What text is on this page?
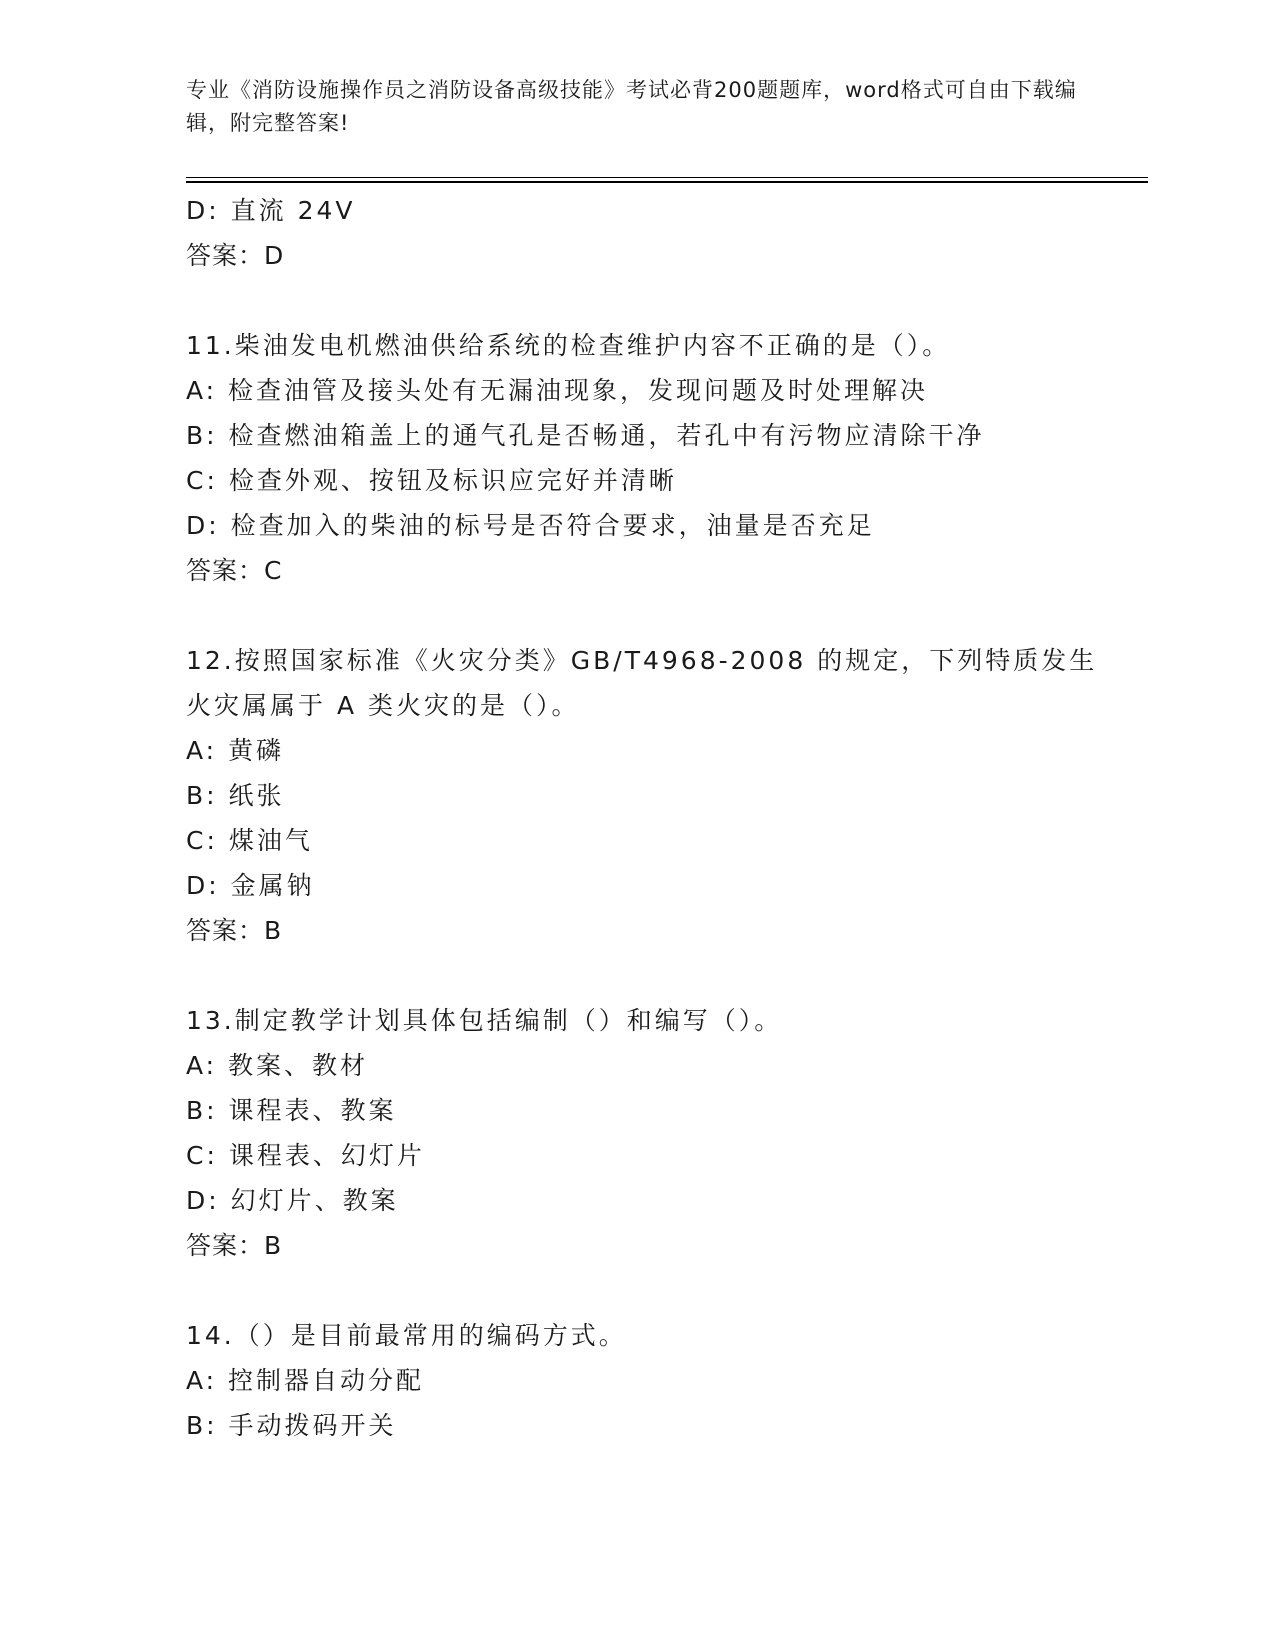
专业《消防设施操作员之消防设备高级技能》考试必背200题题库，word格式可自由下载编辑，附完整答案!
D: 直流 24V
答案：D
11.柴油发电机燃油供给系统的检查维护内容不正确的是（）。
A: 检查油管及接头处有无漏油现象，发现问题及时处理解决
B: 检查燃油箱盖上的通气孔是否畅通，若孔中有污物应清除干净
C: 检查外观、按钮及标识应完好并清晰
D: 检查加入的柴油的标号是否符合要求，油量是否充足
答案：C
12.按照国家标准《火灾分类》GB/T4968-2008 的规定，下列特质发生
火灾属属于 A 类火灾的是（）。
A: 黄磷
B: 纸张
C: 煤油气
D: 金属钠
答案：B
13.制定教学计划具体包括编制（）和编写（）。
A: 教案、教材
B: 课程表、教案
C: 课程表、幻灯片
D: 幻灯片、教案
答案：B
14.（）是目前最常用的编码方式。
A: 控制器自动分配
B: 手动拨码开关
